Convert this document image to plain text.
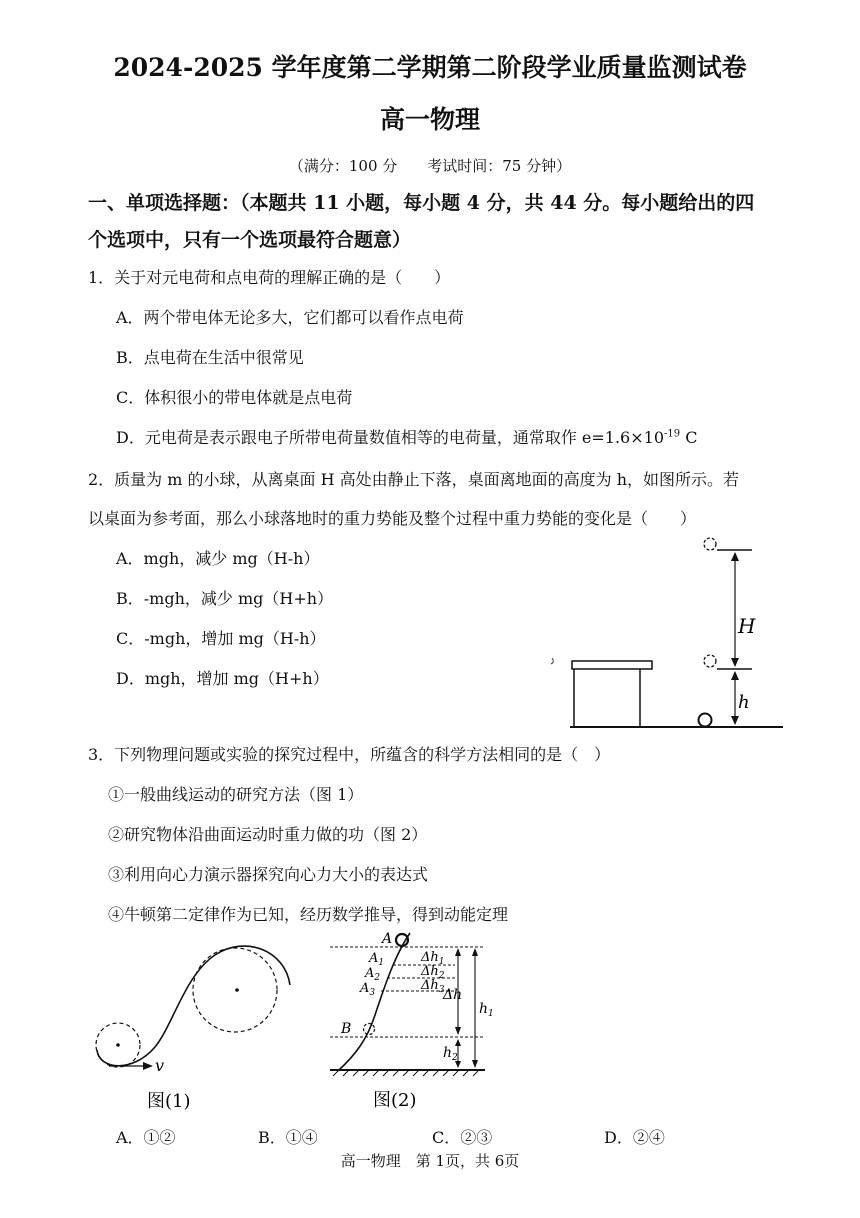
2024-2025 学年度第二学期第二阶段学业质量监测试卷
高一物理
（满分：100 分　　考试时间：75 分钟）
一、单项选择题：（本题共 11 小题，每小题 4 分，共 44 分。每小题给出的四
个选项中，只有一个选项最符合题意）
1．关于对元电荷和点电荷的理解正确的是（　　）
A．两个带电体无论多大，它们都可以看作点电荷
B．点电荷在生活中很常见
C．体积很小的带电体就是点电荷
D．元电荷是表示跟电子所带电荷量数值相等的电荷量，通常取作 $e=1.6\times 10^{-19}$ C
2．质量为 m 的小球，从离桌面 H 高处由静止下落，桌面离地面的高度为 h，如图所示。若
以桌面为参考面，那么小球落地时的重力势能及整个过程中重力势能的变化是（　　）
A．mgh，减少 mg（H-h）
B．-mgh，减少 mg（H+h）
C．-mgh，增加 mg（H-h）
D．mgh，增加 mg（H+h）
H
h
3．下列物理问题或实验的探究过程中，所蕴含的科学方法相同的是（　）
①一般曲线运动的研究方法（图 1）
②研究物体沿曲面运动时重力做的功（图 2）
③利用向心力演示器探究向心力大小的表达式
④牛顿第二定律作为已知，经历数学推导，得到动能定理
v
图(1)
A
$A_1$
$A_2$
$A_3$
B
$\Delta h_1$
$\Delta h_2$
$\Delta h_3$
Δh
$h_1$
$h_2$
图(2)
A．①②	B．①④	C．②③	D．②④
高一物理　第 1页，共 6页
